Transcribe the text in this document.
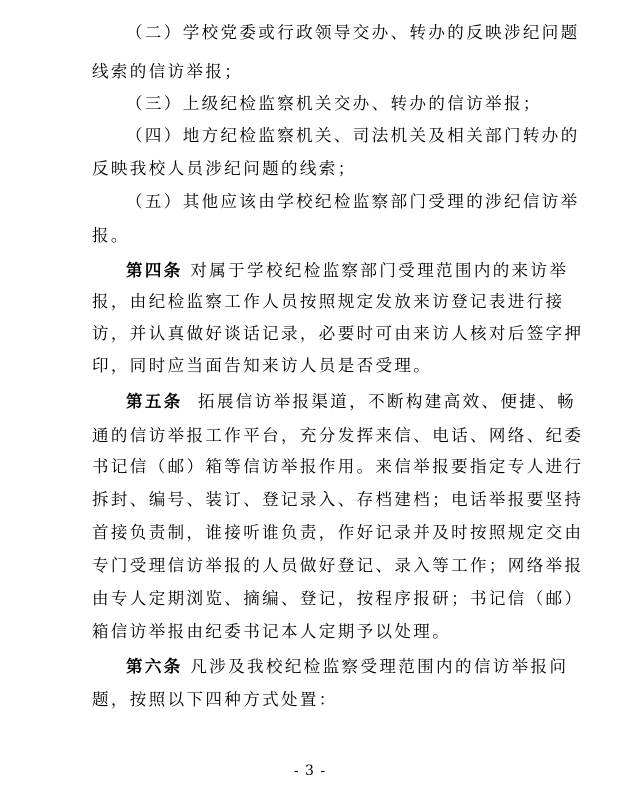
（二）学校党委或行政领导交办、转办的反映涉纪问题
线索的信访举报；
（三）上级纪检监察机关交办、转办的信访举报；
（四）地方纪检监察机关、司法机关及相关部门转办的
反映我校人员涉纪问题的线索；
（五）其他应该由学校纪检监察部门受理的涉纪信访举
报。
第四条 对属于学校纪检监察部门受理范围内的来访举
报，由纪检监察工作人员按照规定发放来访登记表进行接
访，并认真做好谈话记录，必要时可由来访人核对后签字押
印，同时应当面告知来访人员是否受理。
第五条 拓展信访举报渠道，不断构建高效、便捷、畅
通的信访举报工作平台，充分发挥来信、电话、网络、纪委
书记信（邮）箱等信访举报作用。来信举报要指定专人进行
拆封、编号、装订、登记录入、存档建档；电话举报要坚持
首接负责制，谁接听谁负责，作好记录并及时按照规定交由
专门受理信访举报的人员做好登记、录入等工作；网络举报
由专人定期浏览、摘编、登记，按程序报研；书记信（邮）
箱信访举报由纪委书记本人定期予以处理。
第六条 凡涉及我校纪检监察受理范围内的信访举报问
题，按照以下四种方式处置：
- 3 -
